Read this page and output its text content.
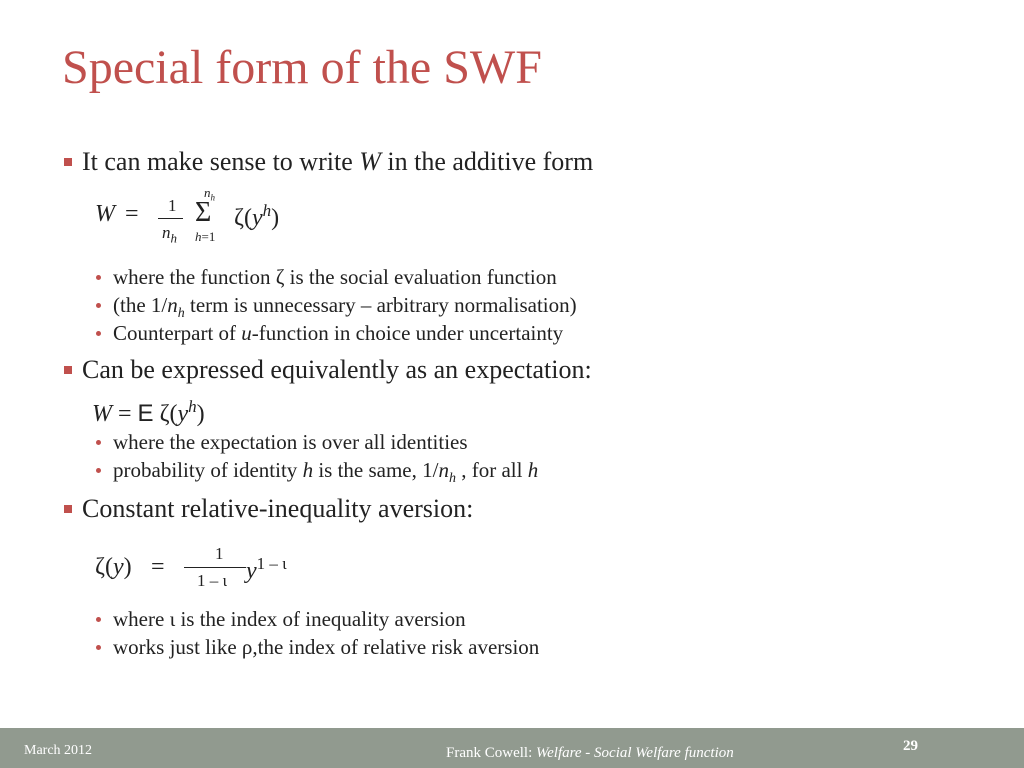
Special form of the SWF
It can make sense to write W in the additive form
W = 1
$n_h$
$n_h$
Σ
h=1
$\zeta(y^h)$
where the function ζ is the social evaluation function
(the $1/n_h$ term is unnecessary – arbitrary normalisation)
Counterpart of u-function in choice under uncertainty
Can be expressed equivalently as an expectation:
W = E $\zeta(y^h)$
where the expectation is over all identities
probability of identity h is the same, $1/n_h$ , for all h
Constant relative-inequality aversion:
ζ(y) =
1
1 – ι $y^{1 - \iota}$
where ι is the index of inequality aversion
works just like ρ,the index of relative risk aversion
March 2012	Frank Cowell: Welfare - Social Welfare function	29
